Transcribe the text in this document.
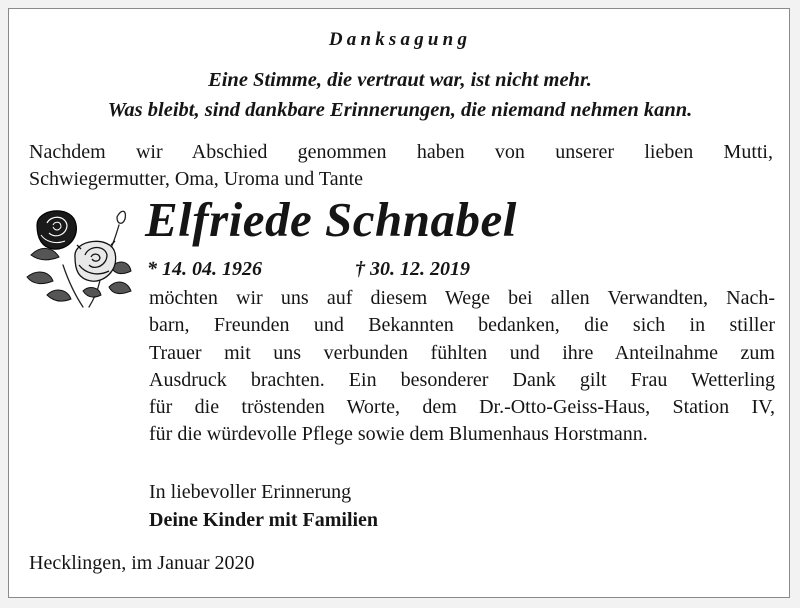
Danksagung

Eine Stimme, die vertraut war, ist nicht mehr.

Was bleibt, sind dankbare Erinnerungen, die niemand nehmen kann.

Nachdem wir Abschied genommen haben von unserer lieben Mutti,

Schwiegermutter, Oma, Uroma und Tante

Elfriede Schnabel

* 14. 04. 1926	† 30. 12. 2019

möchten wir uns auf diesem Wege bei allen Verwandten, Nach-
barn, Freunden und Bekannten bedanken, die sich in stiller
Trauer mit uns verbunden fühlten und ihre Anteilnahme zum
Ausdruck brachten. Ein besonderer Dank gilt Frau Wetterling
für die tröstenden Worte, dem Dr.-Otto-Geiss-Haus, Station IV,
für die würdevolle Pflege sowie dem Blumenhaus Horstmann.

In liebevoller Erinnerung

Deine Kinder mit Familien

Hecklingen, im Januar 2020
